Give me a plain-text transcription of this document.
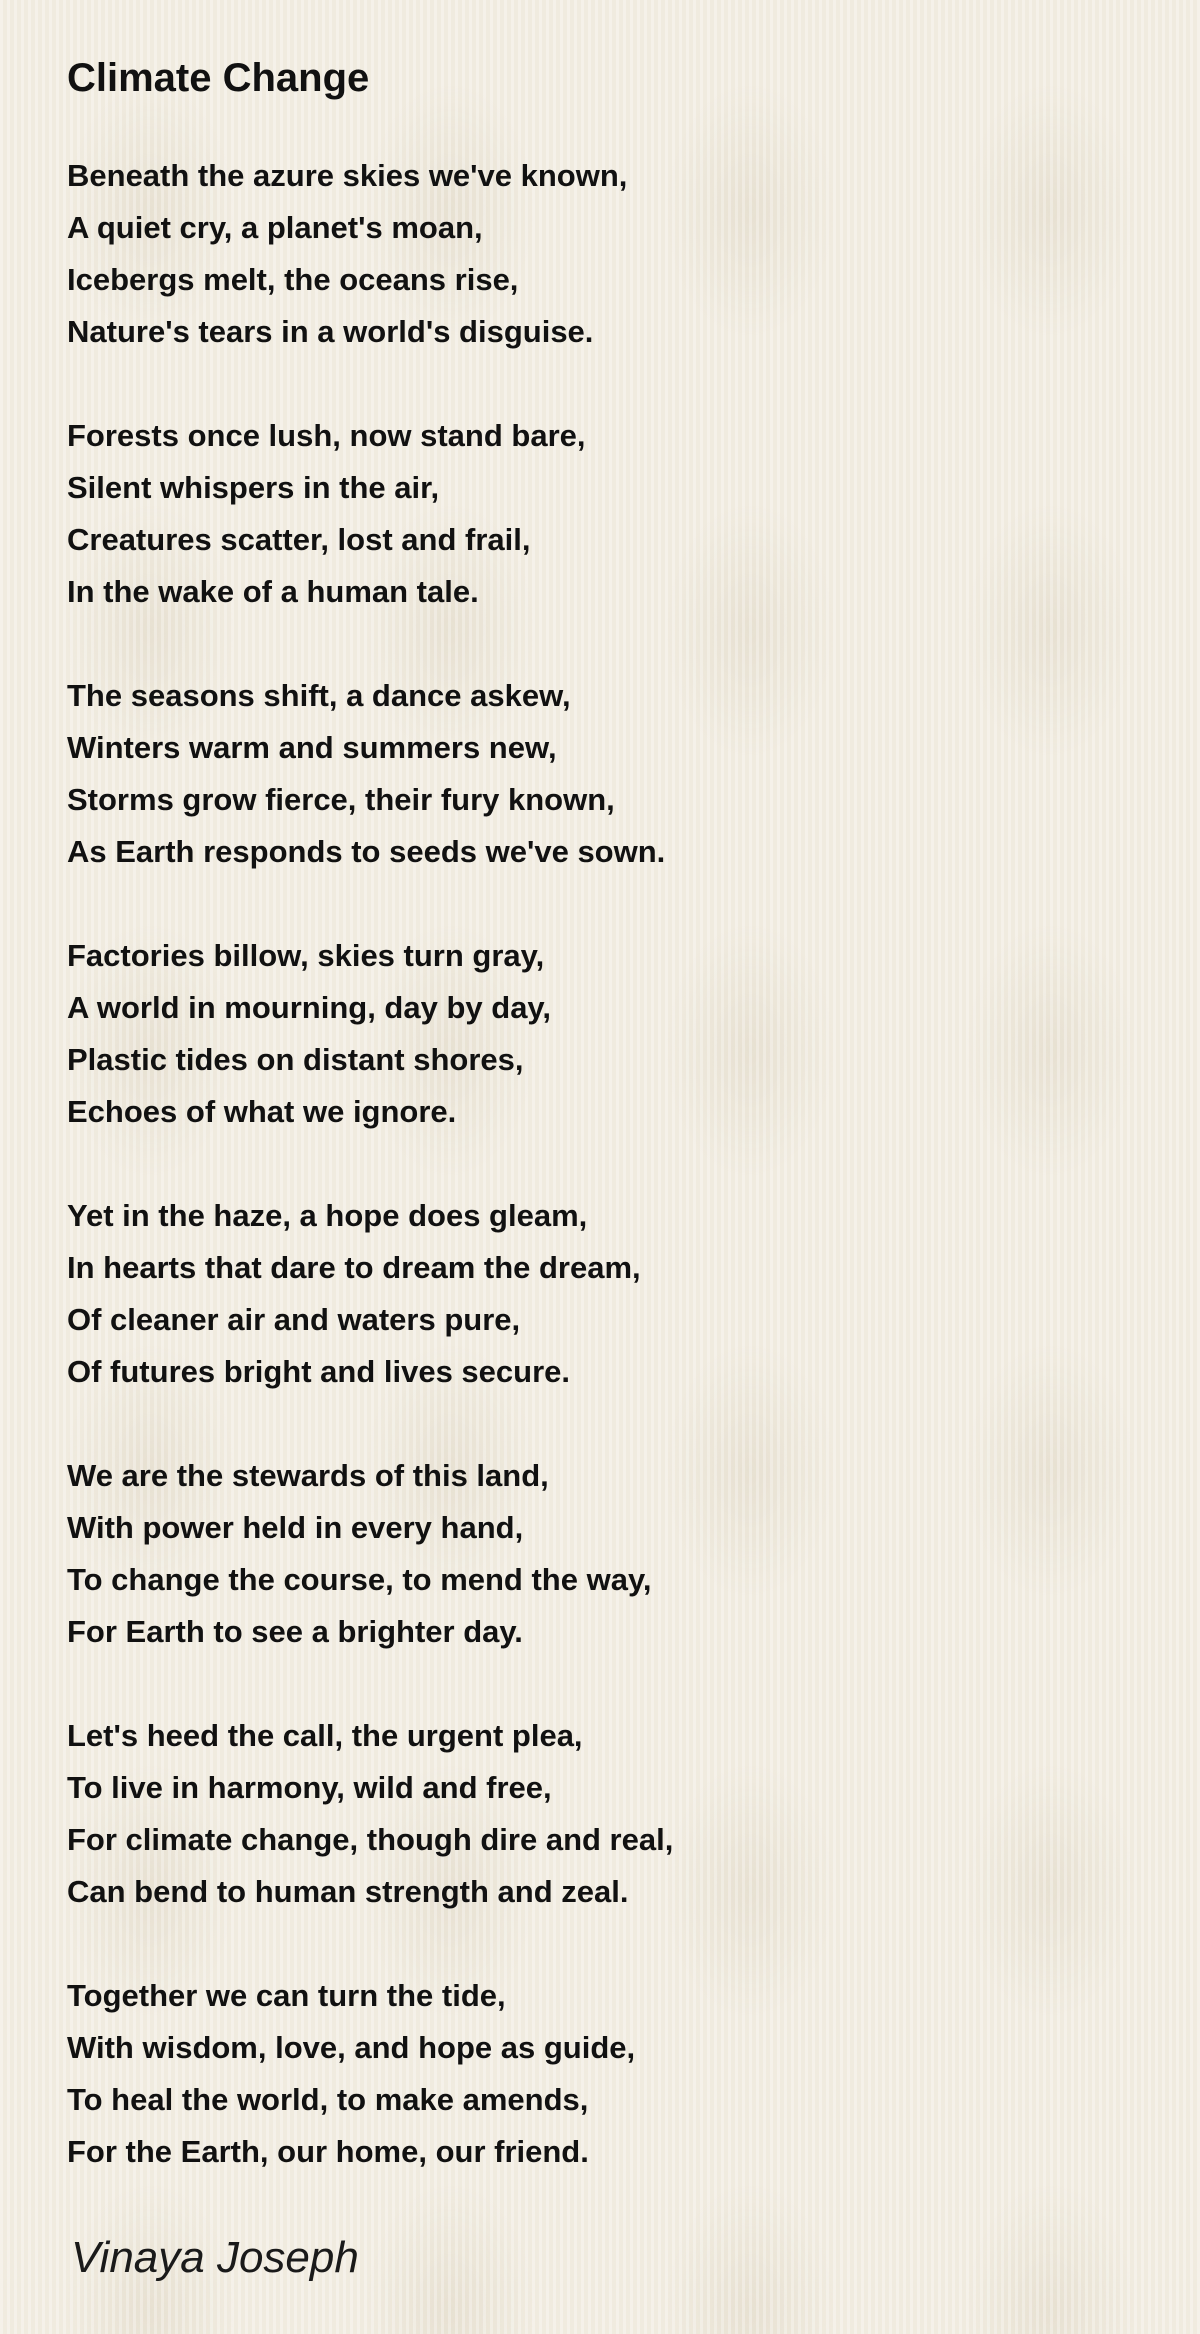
Climate Change
Beneath the azure skies we've known,
A quiet cry, a planet's moan,
Icebergs melt, the oceans rise,
Nature's tears in a world's disguise.
Forests once lush, now stand bare,
Silent whispers in the air,
Creatures scatter, lost and frail,
In the wake of a human tale.
The seasons shift, a dance askew,
Winters warm and summers new,
Storms grow fierce, their fury known,
As Earth responds to seeds we've sown.
Factories billow, skies turn gray,
A world in mourning, day by day,
Plastic tides on distant shores,
Echoes of what we ignore.
Yet in the haze, a hope does gleam,
In hearts that dare to dream the dream,
Of cleaner air and waters pure,
Of futures bright and lives secure.
We are the stewards of this land,
With power held in every hand,
To change the course, to mend the way,
For Earth to see a brighter day.
Let's heed the call, the urgent plea,
To live in harmony, wild and free,
For climate change, though dire and real,
Can bend to human strength and zeal.
Together we can turn the tide,
With wisdom, love, and hope as guide,
To heal the world, to make amends,
For the Earth, our home, our friend.
Vinaya Joseph
